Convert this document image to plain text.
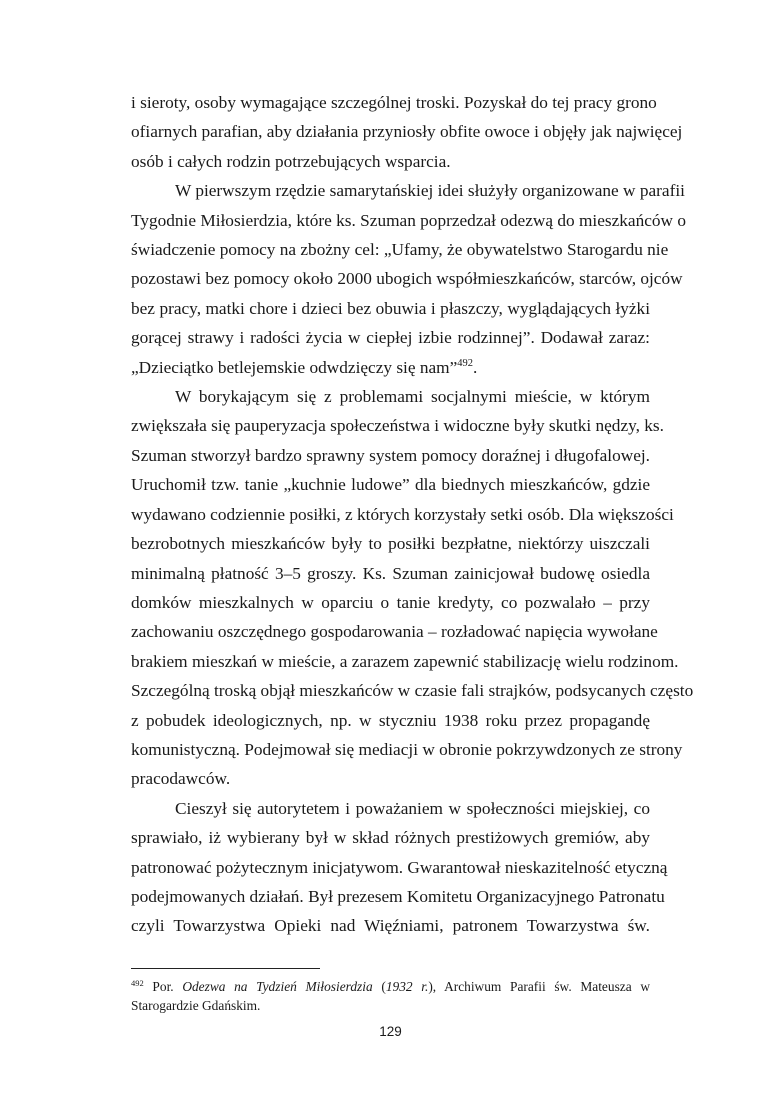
i sieroty, osoby wymagające szczególnej troski. Pozyskał do tej pracy grono
ofiarnych parafian, aby działania przyniosły obfite owoce i objęły jak najwięcej
osób i całych rodzin potrzebujących wsparcia.
W pierwszym rzędzie samarytańskiej idei służyły organizowane w parafii
Tygodnie Miłosierdzia, które ks. Szuman poprzedzał odezwą do mieszkańców o
świadczenie pomocy na zbożny cel: „Ufamy, że obywatelstwo Starogardu nie
pozostawi bez pomocy około 2000 ubogich współmieszkańców, starców, ojców
bez pracy, matki chore i dzieci bez obuwia i płaszczy, wyglądających łyżki
gorącej strawy i radości życia w ciepłej izbie rodzinnej”. Dodawał zaraz:
„Dzieciątko betlejemskie odwdzięczy się nam”$^{492}$.
W borykającym się z problemami socjalnymi mieście, w którym
zwiększała się pauperyzacja społeczeństwa i widoczne były skutki nędzy, ks.
Szuman stworzył bardzo sprawny system pomocy doraźnej i długofalowej.
Uruchomił tzw. tanie „kuchnie ludowe” dla biednych mieszkańców, gdzie
wydawano codziennie posiłki, z których korzystały setki osób. Dla większości
bezrobotnych mieszkańców były to posiłki bezpłatne, niektórzy uiszczali
minimalną płatność 3–5 groszy. Ks. Szuman zainicjował budowę osiedla
domków mieszkalnych w oparciu o tanie kredyty, co pozwalało – przy
zachowaniu oszczędnego gospodarowania – rozładować napięcia wywołane
brakiem mieszkań w mieście, a zarazem zapewnić stabilizację wielu rodzinom.
Szczególną troską objął mieszkańców w czasie fali strajków, podsycanych często
z pobudek ideologicznych, np. w styczniu 1938 roku przez propagandę
komunistyczną. Podejmował się mediacji w obronie pokrzywdzonych ze strony
pracodawców.
Cieszył się autorytetem i poważaniem w społeczności miejskiej, co
sprawiało, iż wybierany był w skład różnych prestiżowych gremiów, aby
patronować pożytecznym inicjatywom. Gwarantował nieskazitelność etyczną
podejmowanych działań. Był prezesem Komitetu Organizacyjnego Patronatu
czyli Towarzystwa Opieki nad Więźniami, patronem Towarzystwa św.
$^{492}$ Por. Odezwa na Tydzień Miłosierdzia (1932 r.), Archiwum Parafii św. Mateusza w
Starogardzie Gdańskim.
129
